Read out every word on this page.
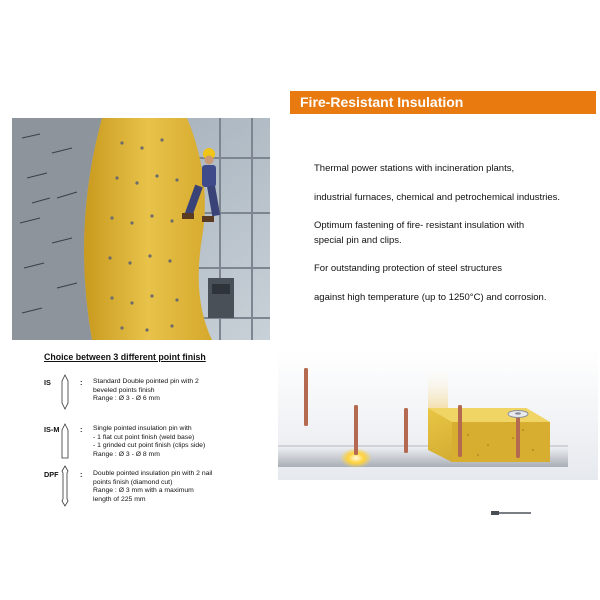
Fire-Resistant Insulation
Thermal power stations with incineration plants,
industrial furnaces, chemical and petrochemical industries.
Optimum fastening of fire- resistant insulation with
special pin and clips.
For outstanding protection of steel structures
against high temperature (up to 1250°C) and corrosion.
Choice between 3 different point finish
IS	: Standard Double pointed pin with 2
beveled points finish
Range : Ø 3 - Ø 6 mm
IS-M	: Single pointed insulation pin with
- 1 flat cut point finish (weld base)
- 1 grinded cut point finish (clips side)
Range : Ø 3 - Ø 8 mm
DPF	: Double pointed insulation pin with 2 nail
points finish (diamond cut)
Range : Ø 3 mm with a maximum
length of 225 mm
